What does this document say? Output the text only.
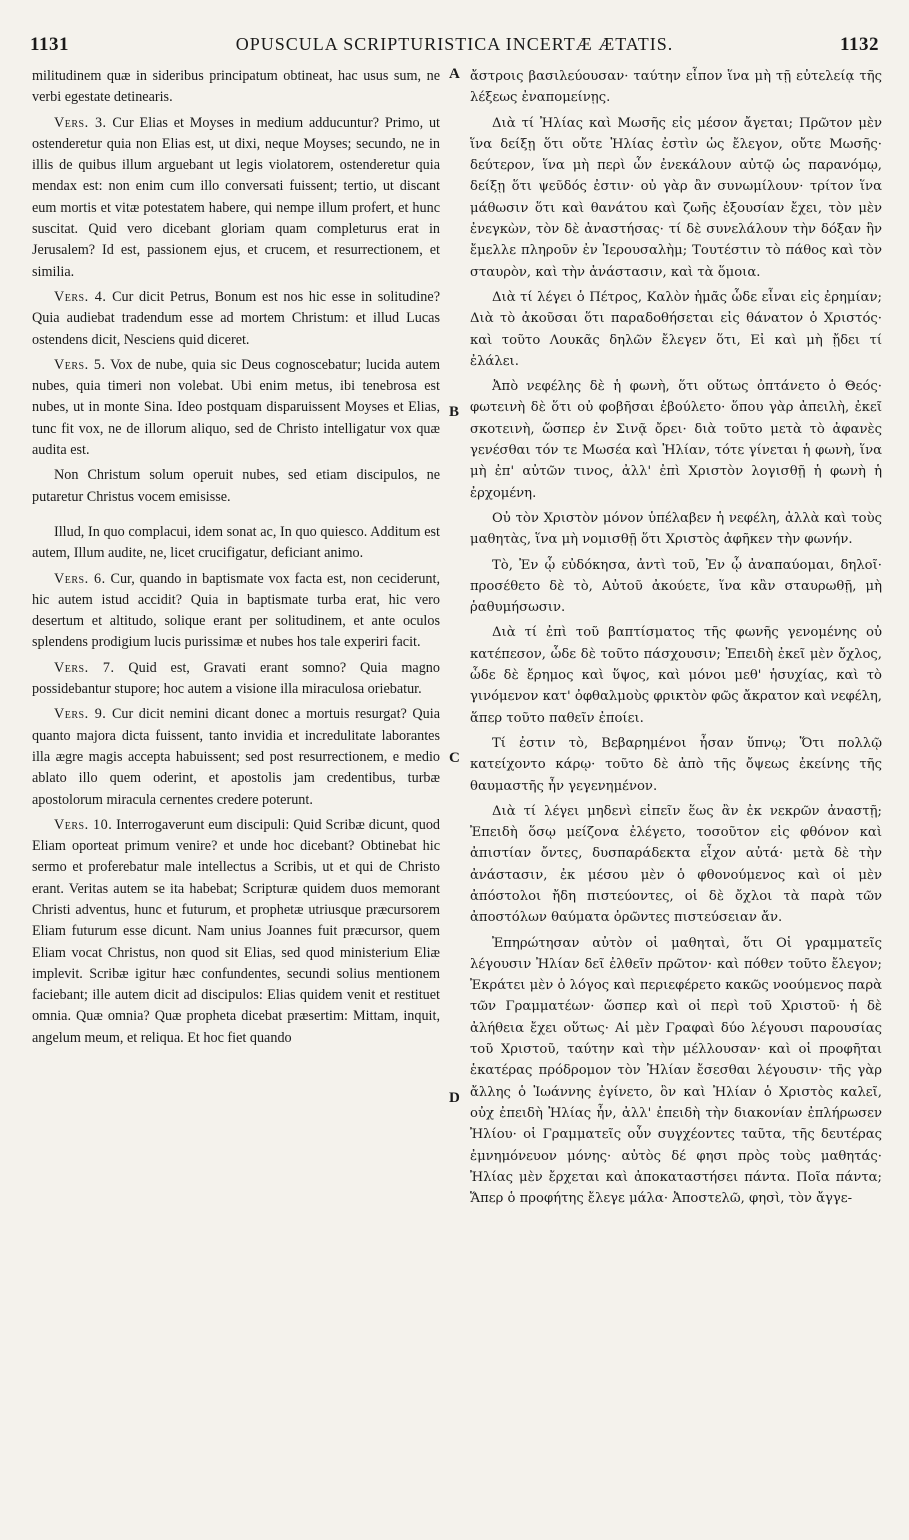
1131	OPUSCULA SCRIPTURISTICA INCERTÆ ÆTATIS.	1132

militudinem quæ in sideribus principatum obtineat, hac usus sum, ne verbi egestate detinearis.

Vers. 3. Cur Elias et Moyses in medium adducuntur? Primo, ut ostenderetur quia non Elias est, ut dixi, neque Moyses; secundo, ne in illis de quibus illum arguebant ut legis violatorem, ostenderetur quia mendax est: non enim cum illo conversati fuissent; tertio, ut discant eum mortis et vitæ potestatem habere, qui nempe illum profert, et hunc suscitat. Quid vero dicebant gloriam quam completurus erat in Jerusalem? Id est, passionem ejus, et crucem, et resurrectionem, et similia.

Vers. 4. Cur dicit Petrus, Bonum est nos hic esse in solitudine? Quia audiebat tradendum esse ad mortem Christum: et illud Lucas ostendens dicit, Nesciens quid diceret.

Vers. 5. Vox de nube, quia sic Deus cognoscebatur; lucida autem nubes, quia timeri non volebat. Ubi enim metus, ibi tenebrosa est nubes, ut in monte Sina. Ideo postquam disparuissent Moyses et Elias, tunc fit vox, ne de illorum aliquo, sed de Christo intelligatur vox quæ audita est.

Non Christum solum operuit nubes, sed etiam discipulos, ne putaretur Christus vocem emisisse.

Illud, In quo complacui, idem sonat ac, In quo quiesco. Additum est autem, Illum audite, ne, licet crucifigatur, deficiant animo.

Vers. 6. Cur, quando in baptismate vox facta est, non ceciderunt, hic autem istud accidit? Quia in baptismate turba erat, hic vero desertum et altitudo, solique erant per solitudinem, et ante oculos splendens prodigium lucis purissimæ et nubes hos tale experiri facit.

Vers. 7. Quid est, Gravati erant somno? Quia magno possidebantur stupore; hoc autem a visione illa miraculosa oriebatur.

Vers. 9. Cur dicit nemini dicant donec a mortuis resurgat? Quia quanto majora dicta fuissent, tanto invidia et incredulitate laborantes illa ægre magis accepta habuissent; sed post resurrectionem, e medio ablato illo quem oderint, et apostolis jam credentibus, turbæ apostolorum miracula cernentes credere poterunt.

Vers. 10. Interrogaverunt eum discipuli: Quid Scribæ dicunt, quod Eliam oporteat primum venire? et unde hoc dicebant? Obtinebat hic sermo et proferebatur male intellectus a Scribis, ut et qui de Christo erant. Veritas autem se ita habebat; Scripturæ quidem duos memorant Christi adventus, hunc et futurum, et prophetæ utriusque præcursorem Eliam futurum esse dicunt. Nam unius Joannes fuit præcursor, quem Eliam vocat Christus, non quod sit Elias, sed quod ministerium Eliæ implevit. Scribæ igitur hæc confundentes, secundi solius mentionem faciebant; ille autem dicit ad discipulos: Elias quidem venit et restituet omnia. Quæ omnia? Quæ propheta dicebat præsertim: Mittam, inquit, angelum meum, et reliqua. Et hoc fiet quando

ἄστροις βασιλεύουσαν· ταύτην εἶπον ἵνα μὴ τῇ εὐτελείᾳ τῆς λέξεως ἐναπομείνῃς.

Διὰ τί Ἠλίας καὶ Μωσῆς εἰς μέσον ἄγεται; Πρῶτον μὲν ἵνα δείξῃ ὅτι οὔτε Ἠλίας ἐστὶν ὡς ἔλεγον, οὔτε Μωσῆς· δεύτερον, ἵνα μὴ περὶ ὧν ἐνεκάλουν αὐτῷ ὡς παρανόμῳ, δείξῃ ὅτι ψεῦδός ἐστιν· οὐ γὰρ ἂν συνωμίλουν· τρίτον ἵνα μάθωσιν ὅτι καὶ θανάτου καὶ ζωῆς ἐξουσίαν ἔχει, τὸν μὲν ἐνεγκὼν, τὸν δὲ ἀναστήσας· τί δὲ συνελάλουν τὴν δόξαν ἣν ἔμελλε πληροῦν ἐν Ἱερουσαλὴμ; Τουτέστιν τὸ πάθος καὶ τὸν σταυρὸν, καὶ τὴν ἀνάστασιν, καὶ τὰ ὅμοια.

Διὰ τί λέγει ὁ Πέτρος, Καλὸν ἡμᾶς ὧδε εἶναι εἰς ἐρημίαν; Διὰ τὸ ἀκοῦσαι ὅτι παραδοθήσεται εἰς θάνατον ὁ Χριστός· καὶ τοῦτο Λουκᾶς δηλῶν ἔλεγεν ὅτι, Εἰ καὶ μὴ ᾔδει τί ἐλάλει.

Ἀπὸ νεφέλης δὲ ἡ φωνὴ, ὅτι οὕτως ὀπτάνετο ὁ Θεός· φωτεινὴ δὲ ὅτι οὐ φοβῆσαι ἐβούλετο· ὅπου γὰρ ἀπειλὴ, ἐκεῖ σκοτεινὴ, ὥσπερ ἐν Σινᾷ ὄρει· διὰ τοῦτο μετὰ τὸ ἀφανὲς γενέσθαι τόν τε Μωσέα καὶ Ἠλίαν, τότε γίνεται ἡ φωνὴ, ἵνα μὴ ἐπ' αὐτῶν τινος, ἀλλ' ἐπὶ Χριστὸν λογισθῇ ἡ φωνὴ ἡ ἐρχομένη.

Οὐ τὸν Χριστὸν μόνον ὑπέλαβεν ἡ νεφέλη, ἀλλὰ καὶ τοὺς μαθητὰς, ἵνα μὴ νομισθῇ ὅτι Χριστὸς ἀφῆκεν τὴν φωνήν.

Τὸ, Ἐν ᾧ εὐδόκησα, ἀντὶ τοῦ, Ἐν ᾧ ἀναπαύομαι, δηλοῖ· προσέθετο δὲ τὸ, Αὐτοῦ ἀκούετε, ἵνα κἂν σταυρωθῇ, μὴ ῥαθυμήσωσιν.

Διὰ τί ἐπὶ τοῦ βαπτίσματος τῆς φωνῆς γενομένης οὐ κατέπεσον, ὧδε δὲ τοῦτο πάσχουσιν; Ἐπειδὴ ἐκεῖ μὲν ὄχλος, ὧδε δὲ ἔρημος καὶ ὕψος, καὶ μόνοι μεθ' ἡσυχίας, καὶ τὸ γινόμενον κατ' ὀφθαλμοὺς φρικτὸν φῶς ἄκρατον καὶ νεφέλη, ἅπερ τοῦτο παθεῖν ἐποίει.

Τί ἐστιν τὸ, Βεβαρημένοι ἦσαν ὕπνῳ; Ὅτι πολλῷ κατείχοντο κάρῳ· τοῦτο δὲ ἀπὸ τῆς ὄψεως ἐκείνης τῆς θαυμαστῆς ἦν γεγενημένον.

Διὰ τί λέγει μηδενὶ εἰπεῖν ἕως ἂν ἐκ νεκρῶν ἀναστῇ; Ἐπειδὴ ὅσῳ μείζονα ἐλέγετο, τοσοῦτον εἰς φθόνον καὶ ἀπιστίαν ὄντες, δυσπαράδεκτα εἶχον αὐτά· μετὰ δὲ τὴν ἀνάστασιν, ἐκ μέσου μὲν ὁ φθονούμενος καὶ οἱ μὲν ἀπόστολοι ἤδη πιστεύοντες, οἱ δὲ ὄχλοι τὰ παρὰ τῶν ἀποστόλων θαύματα ὁρῶντες πιστεύσειαν ἄν.

Ἐπηρώτησαν αὐτὸν οἱ μαθηταὶ, ὅτι Οἱ γραμματεῖς λέγουσιν Ἠλίαν δεῖ ἐλθεῖν πρῶτον· καὶ πόθεν τοῦτο ἔλεγον; Ἐκράτει μὲν ὁ λόγος καὶ περιεφέρετο κακῶς νοούμενος παρὰ τῶν Γραμματέων· ὥσπερ καὶ οἱ περὶ τοῦ Χριστοῦ· ἡ δὲ ἀλήθεια ἔχει οὕτως· Αἱ μὲν Γραφαὶ δύο λέγουσι παρουσίας τοῦ Χριστοῦ, ταύτην καὶ τὴν μέλλουσαν· καὶ οἱ προφῆται ἑκατέρας πρόδρομον τὸν Ἠλίαν ἔσεσθαι λέγουσιν· τῆς γὰρ ἄλλης ὁ Ἰωάννης ἐγίνετο, ὃν καὶ Ἠλίαν ὁ Χριστὸς καλεῖ, οὐχ ἐπειδὴ Ἠλίας ἦν, ἀλλ' ἐπειδὴ τὴν διακονίαν ἐπλήρωσεν Ἠλίου· οἱ Γραμματεῖς οὖν συγχέοντες ταῦτα, τῆς δευτέρας ἐμνημόνευον μόνης· αὐτὸς δέ φησι πρὸς τοὺς μαθητάς· Ἠλίας μὲν ἔρχεται καὶ ἀποκαταστήσει πάντα. Ποῖα πάντα; Ἅπερ ὁ προφήτης ἔλεγε μάλα· Ἀποστελῶ, φησὶ, τὸν ἄγγε-

A
B
C
D
